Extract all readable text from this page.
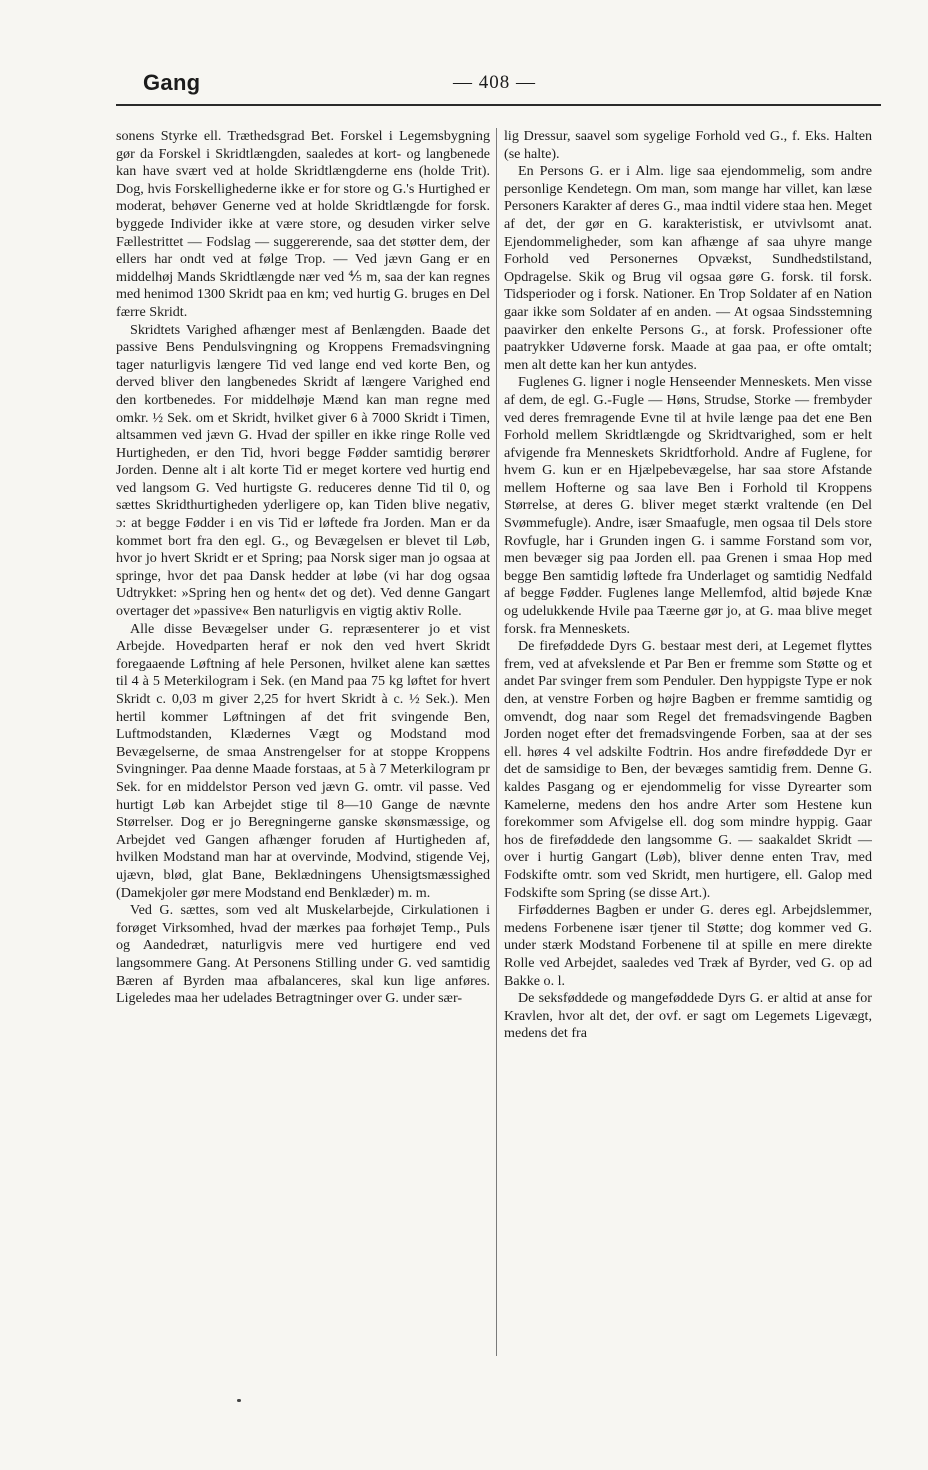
Gang	— 408 —

sonens Styrke ell. Træthedsgrad Bet. Forskel i Legemsbygning gør da Forskel i Skridtlængden, saaledes at kort- og langbenede kan have svært ved at holde Skridtlængderne ens (holde Trit). Dog, hvis Forskellighederne ikke er for store og G.'s Hurtighed er moderat, behøver Generne ved at holde Skridtlængde for forsk. byggede Individer ikke at være store, og desuden virker selve Fællestrittet — Fodslag — suggererende, saa det støtter dem, der ellers har ondt ved at følge Trop. — Ved jævn Gang er en middelhøj Mands Skridtlængde nær ved ⅘ m, saa der kan regnes med henimod 1300 Skridt paa en km; ved hurtig G. bruges en Del færre Skridt.

Skridtets Varighed afhænger mest af Benlængden. Baade det passive Bens Pendulsvingning og Kroppens Fremadsvingning tager naturligvis længere Tid ved lange end ved korte Ben, og derved bliver den langbenedes Skridt af længere Varighed end den kortbenedes. For middelhøje Mænd kan man regne med omkr. ½ Sek. om et Skridt, hvilket giver 6 à 7000 Skridt i Timen, altsammen ved jævn G. Hvad der spiller en ikke ringe Rolle ved Hurtigheden, er den Tid, hvori begge Fødder samtidig berører Jorden. Denne alt i alt korte Tid er meget kortere ved hurtig end ved langsom G. Ved hurtigste G. reduceres denne Tid til 0, og sættes Skridthurtigheden yderligere op, kan Tiden blive negativ, ɔ: at begge Fødder i en vis Tid er løftede fra Jorden. Man er da kommet bort fra den egl. G., og Bevægelsen er blevet til Løb, hvor jo hvert Skridt er et Spring; paa Norsk siger man jo ogsaa at springe, hvor det paa Dansk hedder at løbe (vi har dog ogsaa Udtrykket: »Spring hen og hent« det og det). Ved denne Gangart overtager det »passive« Ben naturligvis en vigtig aktiv Rolle.

Alle disse Bevægelser under G. repræsenterer jo et vist Arbejde. Hovedparten heraf er nok den ved hvert Skridt foregaaende Løftning af hele Personen, hvilket alene kan sættes til 4 à 5 Meterkilogram i Sek. (en Mand paa 75 kg løftet for hvert Skridt c. 0,03 m giver 2,25 for hvert Skridt à c. ½ Sek.). Men hertil kommer Løftningen af det frit svingende Ben, Luftmodstanden, Klædernes Vægt og Modstand mod Bevægelserne, de smaa Anstrengelser for at stoppe Kroppens Svingninger. Paa denne Maade forstaas, at 5 à 7 Meterkilogram pr Sek. for en middelstor Person ved jævn G. omtr. vil passe. Ved hurtigt Løb kan Arbejdet stige til 8—10 Gange de nævnte Størrelser. Dog er jo Beregningerne ganske skønsmæssige, og Arbejdet ved Gangen afhænger foruden af Hurtigheden af, hvilken Modstand man har at overvinde, Modvind, stigende Vej, ujævn, blød, glat Bane, Beklædningens Uhensigtsmæssighed (Damekjoler gør mere Modstand end Benklæder) m. m.

Ved G. sættes, som ved alt Muskelarbejde, Cirkulationen i forøget Virksomhed, hvad der mærkes paa forhøjet Temp., Puls og Aandedræt, naturligvis mere ved hurtigere end ved langsommere Gang. At Personens Stilling under G. ved samtidig Bæren af Byrden maa afbalanceres, skal kun lige anføres. Ligeledes maa her udelades Betragtninger over G. under sær-

lig Dressur, saavel som sygelige Forhold ved G., f. Eks. Halten (se halte).

En Persons G. er i Alm. lige saa ejendommelig, som andre personlige Kendetegn. Om man, som mange har villet, kan læse Personers Karakter af deres G., maa indtil videre staa hen. Meget af det, der gør en G. karakteristisk, er utvivlsomt anat. Ejendommeligheder, som kan afhænge af saa uhyre mange Forhold ved Personernes Opvækst, Sundhedstilstand, Opdragelse. Skik og Brug vil ogsaa gøre G. forsk. til forsk. Tidsperioder og i forsk. Nationer. En Trop Soldater af en Nation gaar ikke som Soldater af en anden. — At ogsaa Sindsstemning paavirker den enkelte Persons G., at forsk. Professioner ofte paatrykker Udøverne forsk. Maade at gaa paa, er ofte omtalt; men alt dette kan her kun antydes.

Fuglenes G. ligner i nogle Henseender Menneskets. Men visse af dem, de egl. G.-Fugle — Høns, Strudse, Storke — frembyder ved deres fremragende Evne til at hvile længe paa det ene Ben Forhold mellem Skridtlængde og Skridtvarighed, som er helt afvigende fra Menneskets Skridtforhold. Andre af Fuglene, for hvem G. kun er en Hjælpebevægelse, har saa store Afstande mellem Hofterne og saa lave Ben i Forhold til Kroppens Størrelse, at deres G. bliver meget stærkt vraltende (en Del Svømmefugle). Andre, især Smaafugle, men ogsaa til Dels store Rovfugle, har i Grunden ingen G. i samme Forstand som vor, men bevæger sig paa Jorden ell. paa Grenen i smaa Hop med begge Ben samtidig løftede fra Underlaget og samtidig Nedfald af begge Fødder. Fuglenes lange Mellemfod, altid bøjede Knæ og udelukkende Hvile paa Tæerne gør jo, at G. maa blive meget forsk. fra Menneskets.

De fireføddede Dyrs G. bestaar mest deri, at Legemet flyttes frem, ved at afvekslende et Par Ben er fremme som Støtte og et andet Par svinger frem som Penduler. Den hyppigste Type er nok den, at venstre Forben og højre Bagben er fremme samtidig og omvendt, dog naar som Regel det fremadsvingende Bagben Jorden noget efter det fremadsvingende Forben, saa at der ses ell. høres 4 vel adskilte Fodtrin. Hos andre fireføddede Dyr er det de samsidige to Ben, der bevæges samtidig frem. Denne G. kaldes Pasgang og er ejendommelig for visse Dyrearter som Kamelerne, medens den hos andre Arter som Hestene kun forekommer som Afvigelse ell. dog som mindre hyppig. Gaar hos de fireføddede den langsomme G. — saakaldet Skridt — over i hurtig Gangart (Løb), bliver denne enten Trav, med Fodskifte omtr. som ved Skridt, men hurtigere, ell. Galop med Fodskifte som Spring (se disse Art.).

Firføddernes Bagben er under G. deres egl. Arbejdslemmer, medens Forbenene især tjener til Støtte; dog kommer ved G. under stærk Modstand Forbenene til at spille en mere direkte Rolle ved Arbejdet, saaledes ved Træk af Byrder, ved G. op ad Bakke o. l.

De seksføddede og mangeføddede Dyrs G. er altid at anse for Kravlen, hvor alt det, der ovf. er sagt om Legemets Ligevægt, medens det fra
